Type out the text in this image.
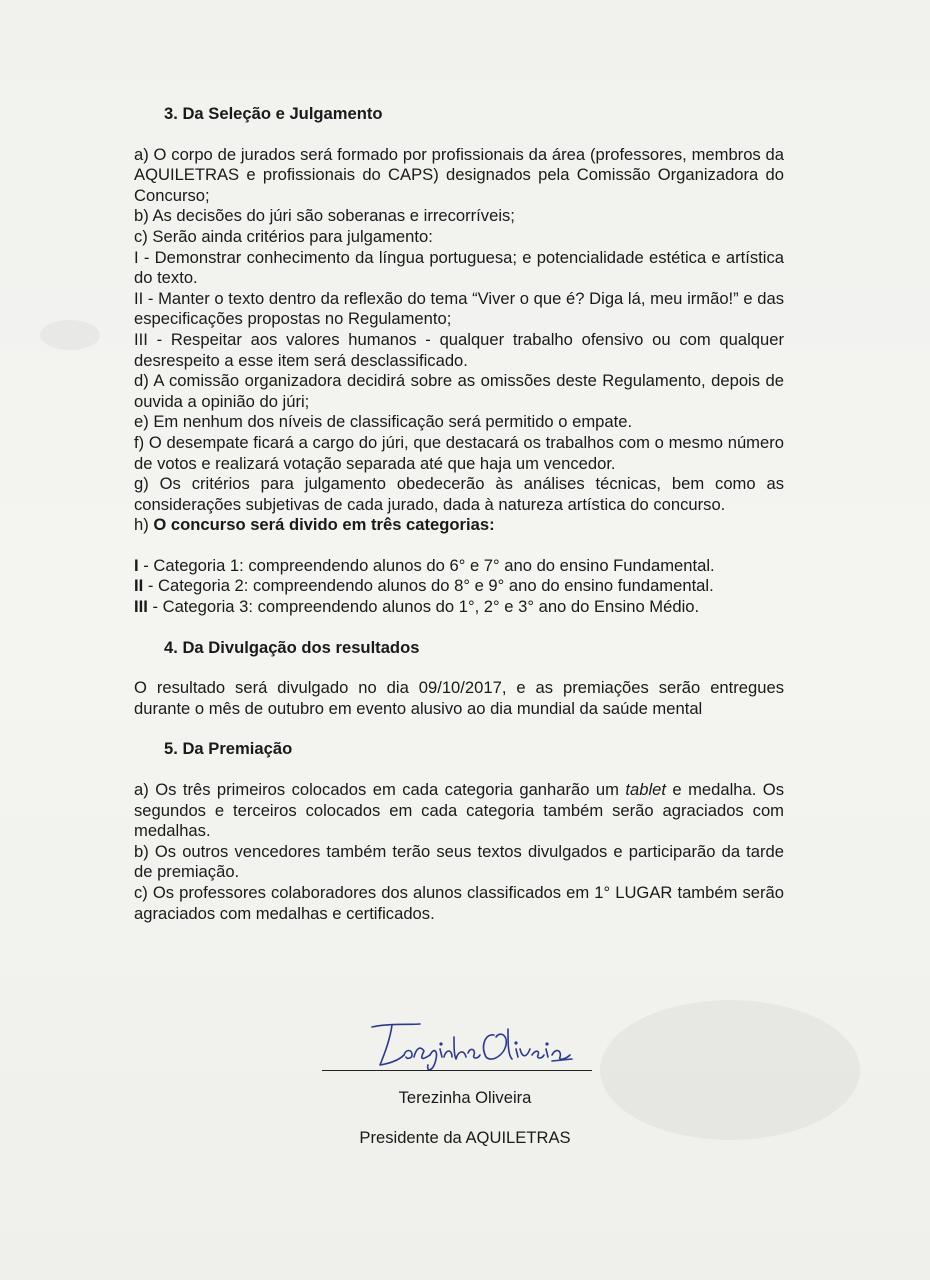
3. Da Seleção e Julgamento

a) O corpo de jurados será formado por profissionais da área (professores, membros da AQUILETRAS e profissionais do CAPS) designados pela Comissão Organizadora do Concurso;

b) As decisões do júri são soberanas e irrecorríveis;

c) Serão ainda critérios para julgamento:

I - Demonstrar conhecimento da língua portuguesa; e potencialidade estética e artística do texto.

II - Manter o texto dentro da reflexão do tema “Viver o que é? Diga lá, meu irmão!” e das especificações propostas no Regulamento;

III - Respeitar aos valores humanos - qualquer trabalho ofensivo ou com qualquer desrespeito a esse item será desclassificado.

d) A comissão organizadora decidirá sobre as omissões deste Regulamento, depois de ouvida a opinião do júri;

e) Em nenhum dos níveis de classificação será permitido o empate.

f) O desempate ficará a cargo do júri, que destacará os trabalhos com o mesmo número de votos e realizará votação separada até que haja um vencedor.

g) Os critérios para julgamento obedecerão às análises técnicas, bem como as considerações subjetivas de cada jurado, dada à natureza artística do concurso.

h) O concurso será divido em três categorias:

I - Categoria 1: compreendendo alunos do 6° e 7° ano do ensino Fundamental.

II - Categoria 2: compreendendo alunos do 8° e 9° ano do ensino fundamental.

III - Categoria 3: compreendendo alunos do 1°, 2° e 3° ano do Ensino Médio.

4. Da Divulgação dos resultados

O resultado será divulgado no dia 09/10/2017, e as premiações serão entregues durante o mês de outubro em evento alusivo ao dia mundial da saúde mental

5. Da Premiação

a) Os três primeiros colocados em cada categoria ganharão um tablet e medalha. Os segundos e terceiros colocados em cada categoria também serão agraciados com medalhas.

b) Os outros vencedores também terão seus textos divulgados e participarão da tarde de premiação.

c) Os professores colaboradores dos alunos classificados em 1° LUGAR também serão agraciados com medalhas e certificados.

Terezinha Oliveira
Presidente da AQUILETRAS
